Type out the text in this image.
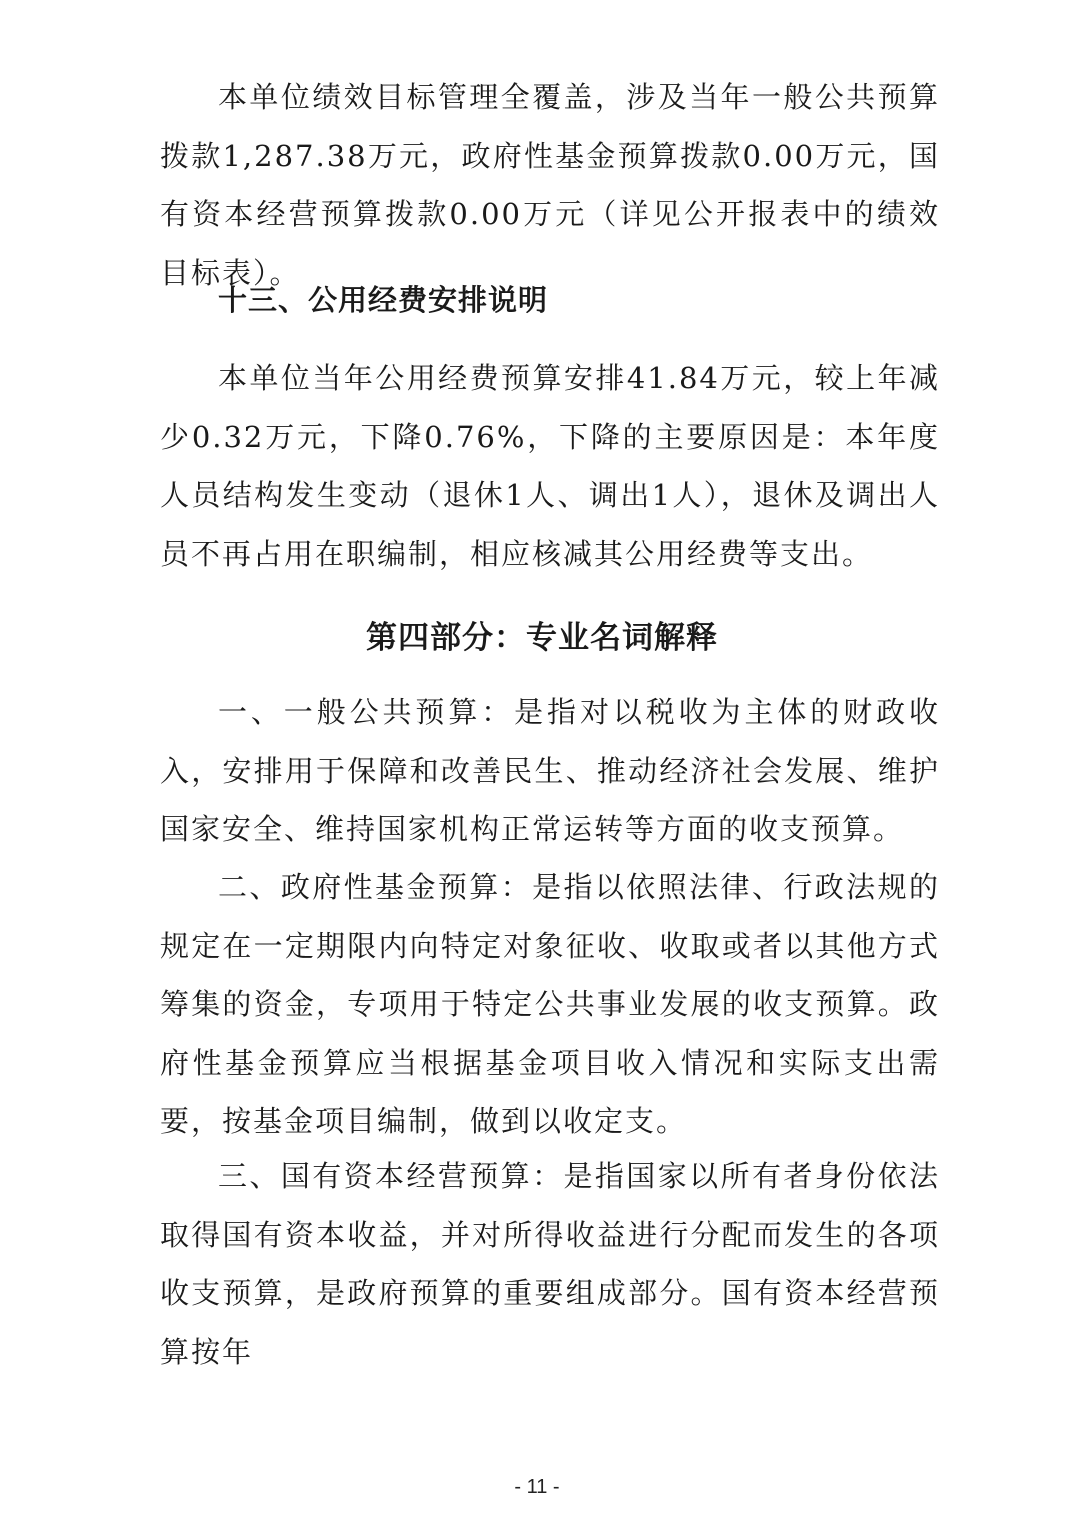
本单位绩效目标管理全覆盖，涉及当年一般公共预算拨款1,287.38万元，政府性基金预算拨款0.00万元，国有资本经营预算拨款0.00万元（详见公开报表中的绩效目标表）。

十三、公用经费安排说明

本单位当年公用经费预算安排41.84万元，较上年减少0.32万元，下降0.76%，下降的主要原因是：本年度人员结构发生变动（退休1人、调出1人），退休及调出人员不再占用在职编制，相应核减其公用经费等支出。

第四部分：专业名词解释

一、一般公共预算：是指对以税收为主体的财政收入，安排用于保障和改善民生、推动经济社会发展、维护国家安全、维持国家机构正常运转等方面的收支预算。

二、政府性基金预算：是指以依照法律、行政法规的规定在一定期限内向特定对象征收、收取或者以其他方式筹集的资金，专项用于特定公共事业发展的收支预算。政府性基金预算应当根据基金项目收入情况和实际支出需要，按基金项目编制，做到以收定支。

三、国有资本经营预算：是指国家以所有者身份依法取得国有资本收益，并对所得收益进行分配而发生的各项收支预算，是政府预算的重要组成部分。国有资本经营预算按年

- 11 -
